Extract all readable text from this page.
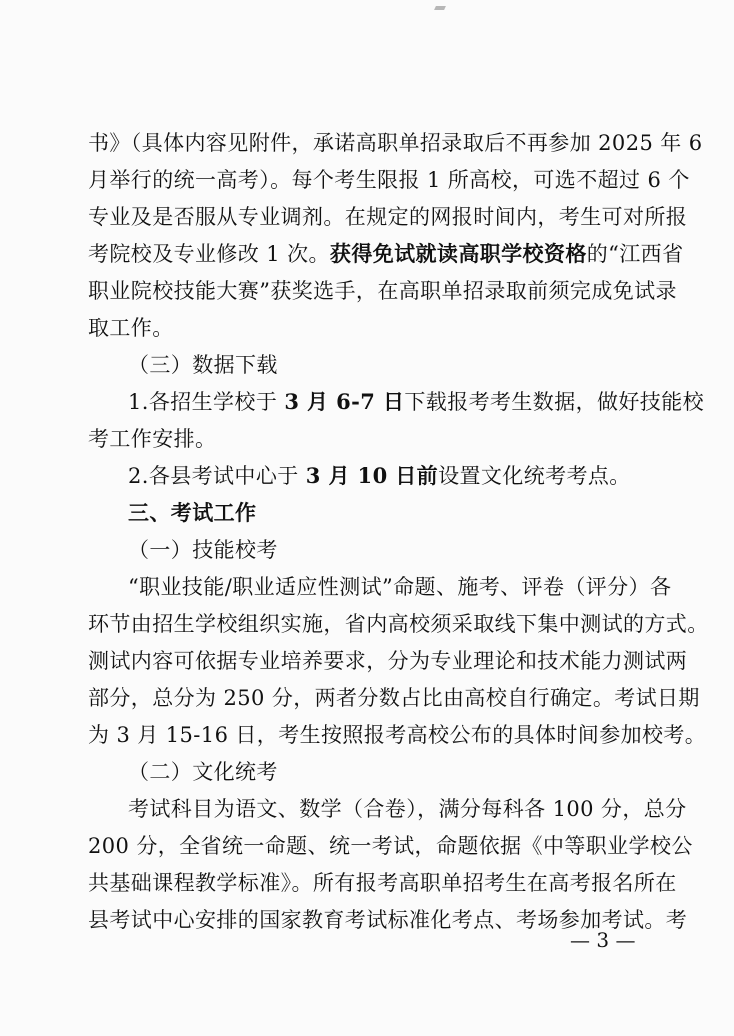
书》（具体内容见附件，承诺高职单招录取后不再参加 2025 年 6
月举行的统一高考）。每个考生限报 1 所高校，可选不超过 6 个
专业及是否服从专业调剂。在规定的网报时间内，考生可对所报
考院校及专业修改 1 次。获得免试就读高职学校资格的“江西省
职业院校技能大赛”获奖选手，在高职单招录取前须完成免试录
取工作。
（三）数据下载
1.各招生学校于 3 月 6-7 日下载报考考生数据，做好技能校
考工作安排。
2.各县考试中心于 3 月 10 日前设置文化统考考点。
三、考试工作
（一）技能校考
“职业技能/职业适应性测试”命题、施考、评卷（评分）各
环节由招生学校组织实施，省内高校须采取线下集中测试的方式。
测试内容可依据专业培养要求，分为专业理论和技术能力测试两
部分，总分为 250 分，两者分数占比由高校自行确定。考试日期
为 3 月 15-16 日，考生按照报考高校公布的具体时间参加校考。
（二）文化统考
考试科目为语文、数学（合卷），满分每科各 100 分，总分
200 分，全省统一命题、统一考试，命题依据《中等职业学校公
共基础课程教学标准》。所有报考高职单招考生在高考报名所在
县考试中心安排的国家教育考试标准化考点、考场参加考试。考
— 3 —
